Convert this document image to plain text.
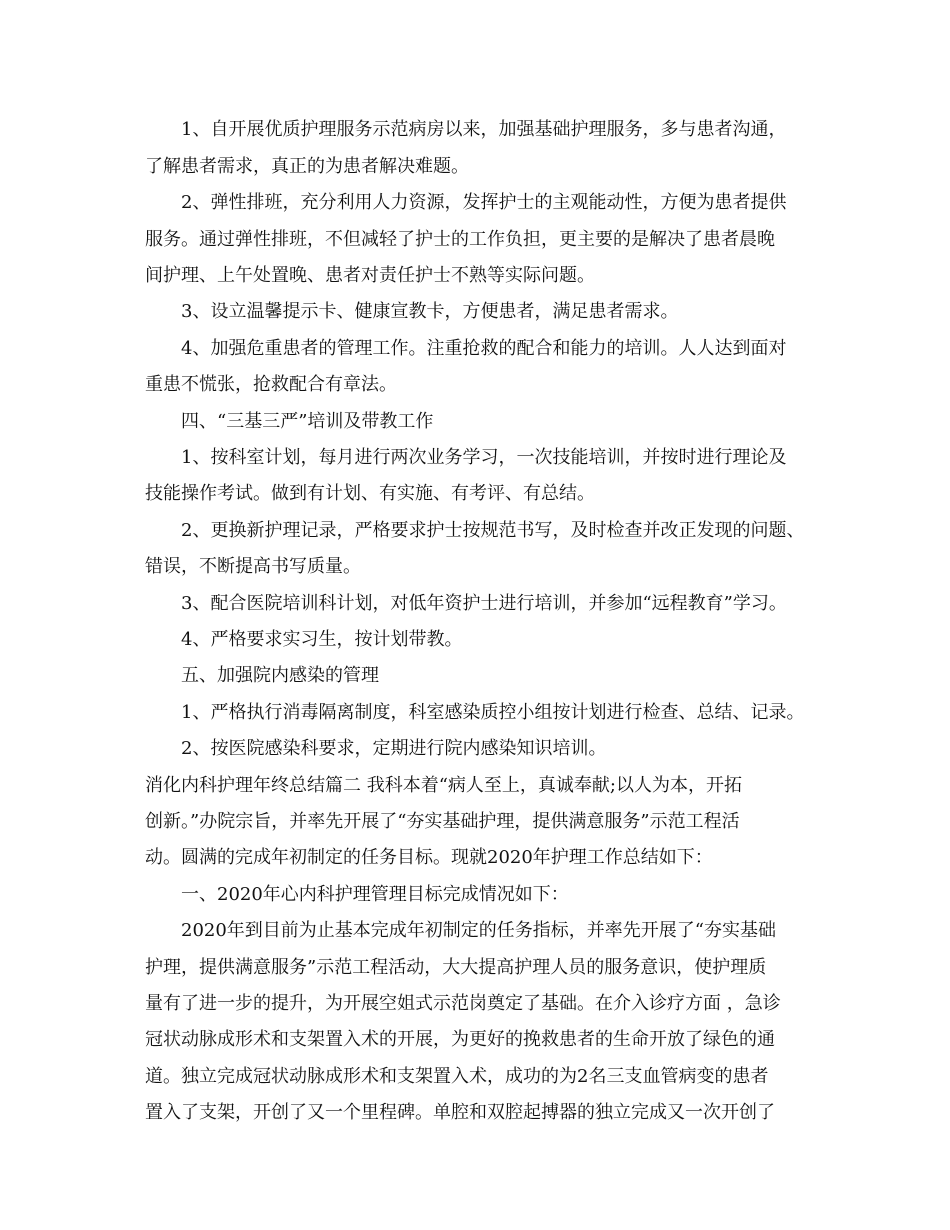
1、自开展优质护理服务示范病房以来，加强基础护理服务，多与患者沟通，
了解患者需求，真正的为患者解决难题。
2、弹性排班，充分利用人力资源，发挥护士的主观能动性，方便为患者提供
服务。通过弹性排班，不但减轻了护士的工作负担，更主要的是解决了患者晨晚
间护理、上午处置晚、患者对责任护士不熟等实际问题。
3、设立温馨提示卡、健康宣教卡，方便患者，满足患者需求。
4、加强危重患者的管理工作。注重抢救的配合和能力的培训。人人达到面对
重患不慌张，抢救配合有章法。
四、“三基三严”培训及带教工作
1、按科室计划，每月进行两次业务学习，一次技能培训，并按时进行理论及
技能操作考试。做到有计划、有实施、有考评、有总结。
2、更换新护理记录，严格要求护士按规范书写，及时检查并改正发现的问题、
错误，不断提高书写质量。
3、配合医院培训科计划，对低年资护士进行培训，并参加“远程教育”学习。
4、严格要求实习生，按计划带教。
五、加强院内感染的管理
1、严格执行消毒隔离制度，科室感染质控小组按计划进行检查、总结、记录。
2、按医院感染科要求，定期进行院内感染知识培训。
消化内科护理年终总结篇二 我科本着“病人至上，真诚奉献;以人为本，开拓
创新。”办院宗旨，并率先开展了“夯实基础护理，提供满意服务”示范工程活
动。圆满的完成年初制定的任务目标。现就2020年护理工作总结如下：
一、2020年心内科护理管理目标完成情况如下：
2020年到目前为止基本完成年初制定的任务指标，并率先开展了“夯实基础
护理，提供满意服务”示范工程活动，大大提高护理人员的服务意识，使护理质
量有了进一步的提升，为开展空姐式示范岗奠定了基础。在介入诊疗方面 ，急诊
冠状动脉成形术和支架置入术的开展，为更好的挽救患者的生命开放了绿色的通
道。独立完成冠状动脉成形术和支架置入术，成功的为2名三支血管病变的患者
置入了支架，开创了又一个里程碑。单腔和双腔起搏器的独立完成又一次开创了
